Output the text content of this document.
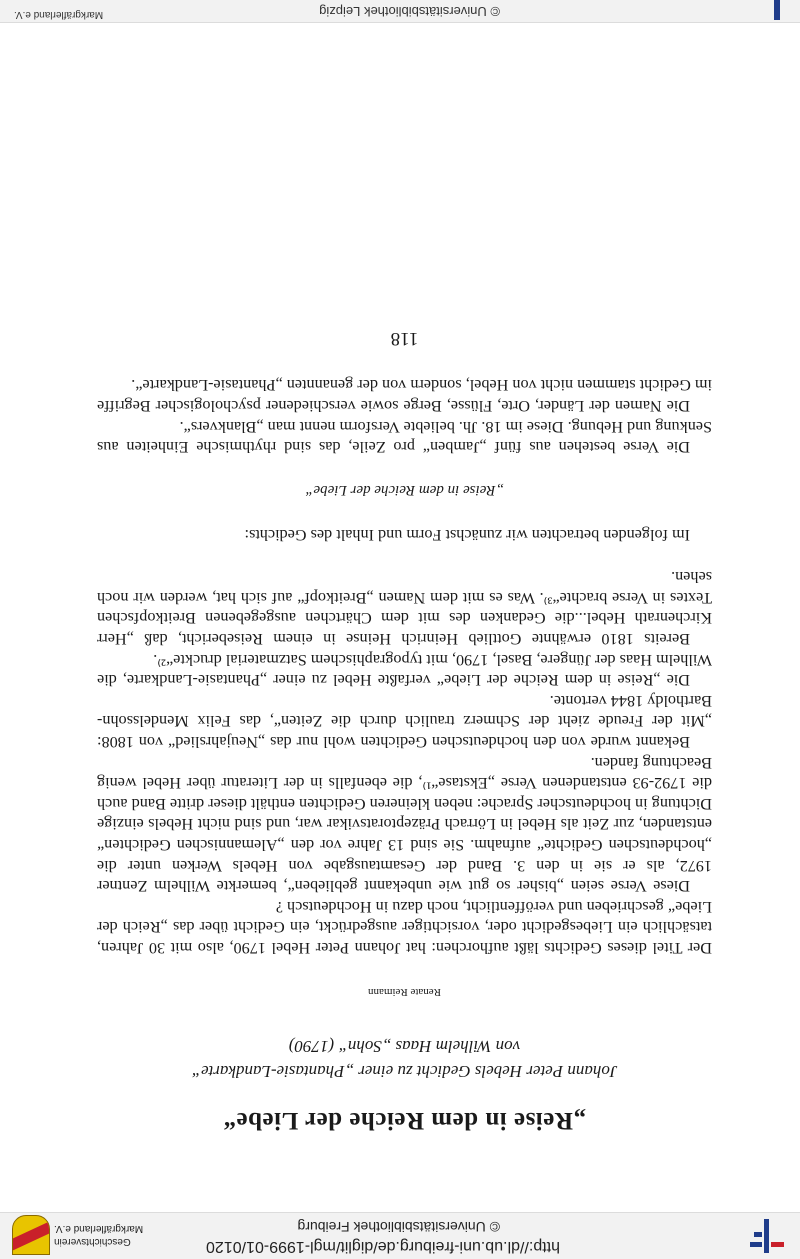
http://dl.ub.uni-freiburg.de/diglit/mgl-1999-01/0120
© Universitätsbibliothek Freiburg
Geschichtsverein
Markgräflerland e.V.
„Reise in dem Reiche der Liebe“

Johann Peter Hebels Gedicht zu einer „Phantasie-Landkarte“
von Wilhelm Haas „Sohn“ (1790)

Renate Reimann

Der Titel dieses Gedichts läßt aufhorchen: hat Johann Peter Hebel 1790, also mit 30 Jahren, tatsächlich ein Liebesgedicht oder, vorsichtiger ausgedrückt, ein Gedicht über das „Reich der Liebe“ geschrieben und veröffentlicht, noch dazu in Hochdeutsch ?

Diese Verse seien „bisher so gut wie unbekannt geblieben“, bemerkte Wilhelm Zentner 1972, als er sie in den 3. Band der Gesamtausgabe von Hebels Werken unter die „hochdeutschen Gedichte“ aufnahm. Sie sind 13 Jahre vor den „Alemannischen Gedichten“ entstanden, zur Zeit als Hebel in Lörrach Präzeptoratsvikar war, und sind nicht Hebels einzige Dichtung in hochdeutscher Sprache: neben kleineren Gedichten enthält dieser dritte Band auch die 1792-93 entstandenen Verse „Ekstase“¹⁾, die ebenfalls in der Literatur über Hebel wenig Beachtung fanden.

Bekannt wurde von den hochdeutschen Gedichten wohl nur das „Neujahrslied“ von 1808: „Mit der Freude zieht der Schmerz traulich durch die Zeiten“, das Felix Mendelssohn-Bartholdy 1844 vertonte.

Die „Reise in dem Reiche der Liebe“ verfaßte Hebel zu einer „Phantasie-Landkarte, die Wilhelm Haas der Jüngere, Basel, 1790, mit typographischem Satzmaterial druckte“²⁾.

Bereits 1810 erwähnte Gottlieb Heinrich Heinse in einem Reisebericht, daß „Herr Kirchenrath Hebel...die Gedanken des mit dem Chärtchen ausgegebenen Breitkopfschen Textes in Verse brachte“³⁾. Was es mit dem Namen „Breitkopf“ auf sich hat, werden wir noch sehen.

Im folgenden betrachten wir zunächst Form und Inhalt des Gedichts:

„Reise in dem Reiche der Liebe“

Die Verse bestehen aus fünf „Jamben“ pro Zeile, das sind rhythmische Einheiten aus Senkung und Hebung. Diese im 18. Jh. beliebte Versform nennt man „Blankvers“.

Die Namen der Länder, Orte, Flüsse, Berge sowie verschiedener psychologischer Begriffe im Gedicht stammen nicht von Hebel, sondern von der genannten „Phantasie-Landkarte“.

118
© Universitätsbibliothek Leipzig
Markgräflerland e.V.
